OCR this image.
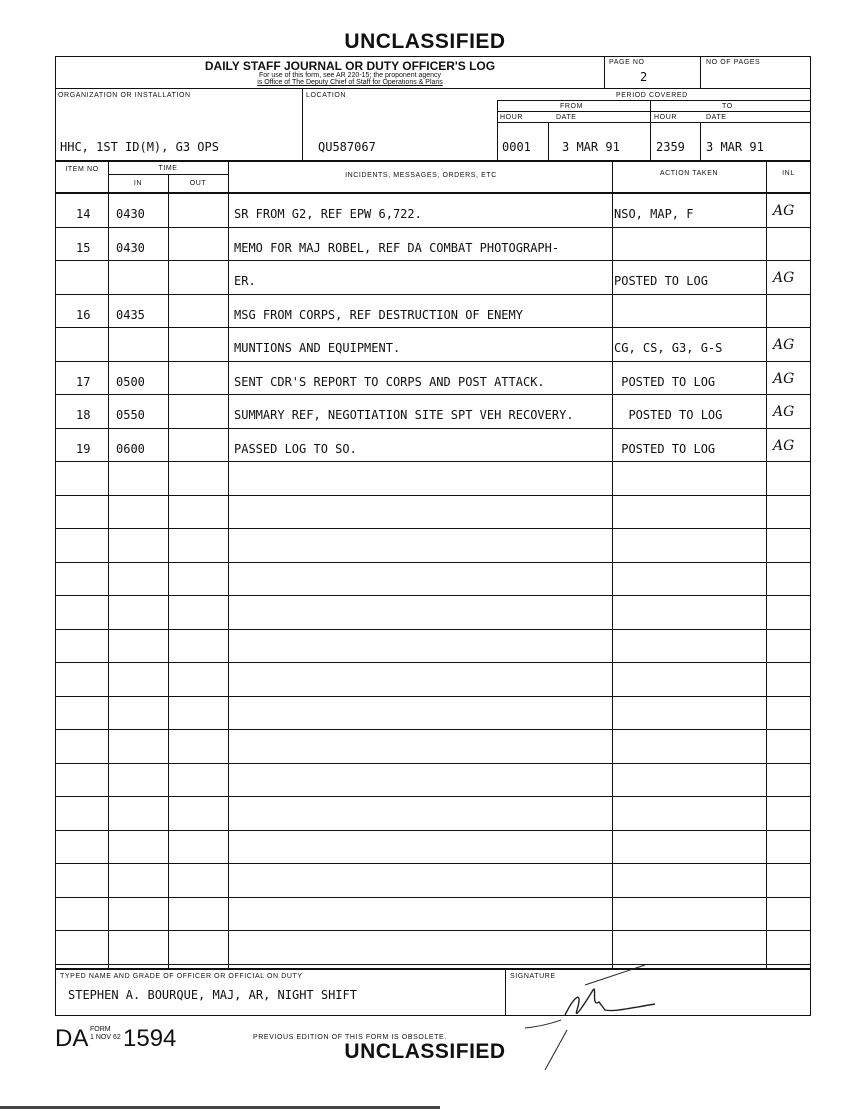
UNCLASSIFIED
DAILY STAFF JOURNAL OR DUTY OFFICER'S LOG
For use of this form, see AR 220-15; the proponent agency
is Office of The Deputy Chief of Staff for Operations & Plans
PAGE NO
2
NO OF PAGES
ORGANIZATION OR INSTALLATION	LOCATION	PERIOD COVERED
FROM	TO
HOUR	DATE	HOUR	DATE
HHC, 1ST ID(M), G3 OPS	QU587067	0001	3 MAR 91	2359 3 MAR 91
ITEM NO	TIME
IN	OUT
INCIDENTS, MESSAGES, ORDERS, ETC	ACTION TAKEN	INL
14 0430	SR FROM G2, REF EPW 6,722.	NSO, MAP, F	AG
15 0430	MEMO FOR MAJ ROBEL, REF DA COMBAT PHOTOGRAPH-
ER.	POSTED TO LOG	AG
16 0435	MSG FROM CORPS, REF DESTRUCTION OF ENEMY
MUNTIONS AND EQUIPMENT.	CG, CS, G3, G-S	AG
17 0500	SENT CDR'S REPORT TO CORPS AND POST ATTACK.	POSTED TO LOG	AG
18 0550	SUMMARY REF, NEGOTIATION SITE SPT VEH RECOVERY.	POSTED TO LOG	AG
19 0600	PASSED LOG TO SO.	POSTED TO LOG	AG
TYPED NAME AND GRADE OF OFFICER OR OFFICIAL ON DUTY
STEPHEN A. BOURQUE, MAJ, AR, NIGHT SHIFT
SIGNATURE
DA FORM
1 NOV 62 1594	PREVIOUS EDITION OF THIS FORM IS OBSOLETE.
UNCLASSIFIED
